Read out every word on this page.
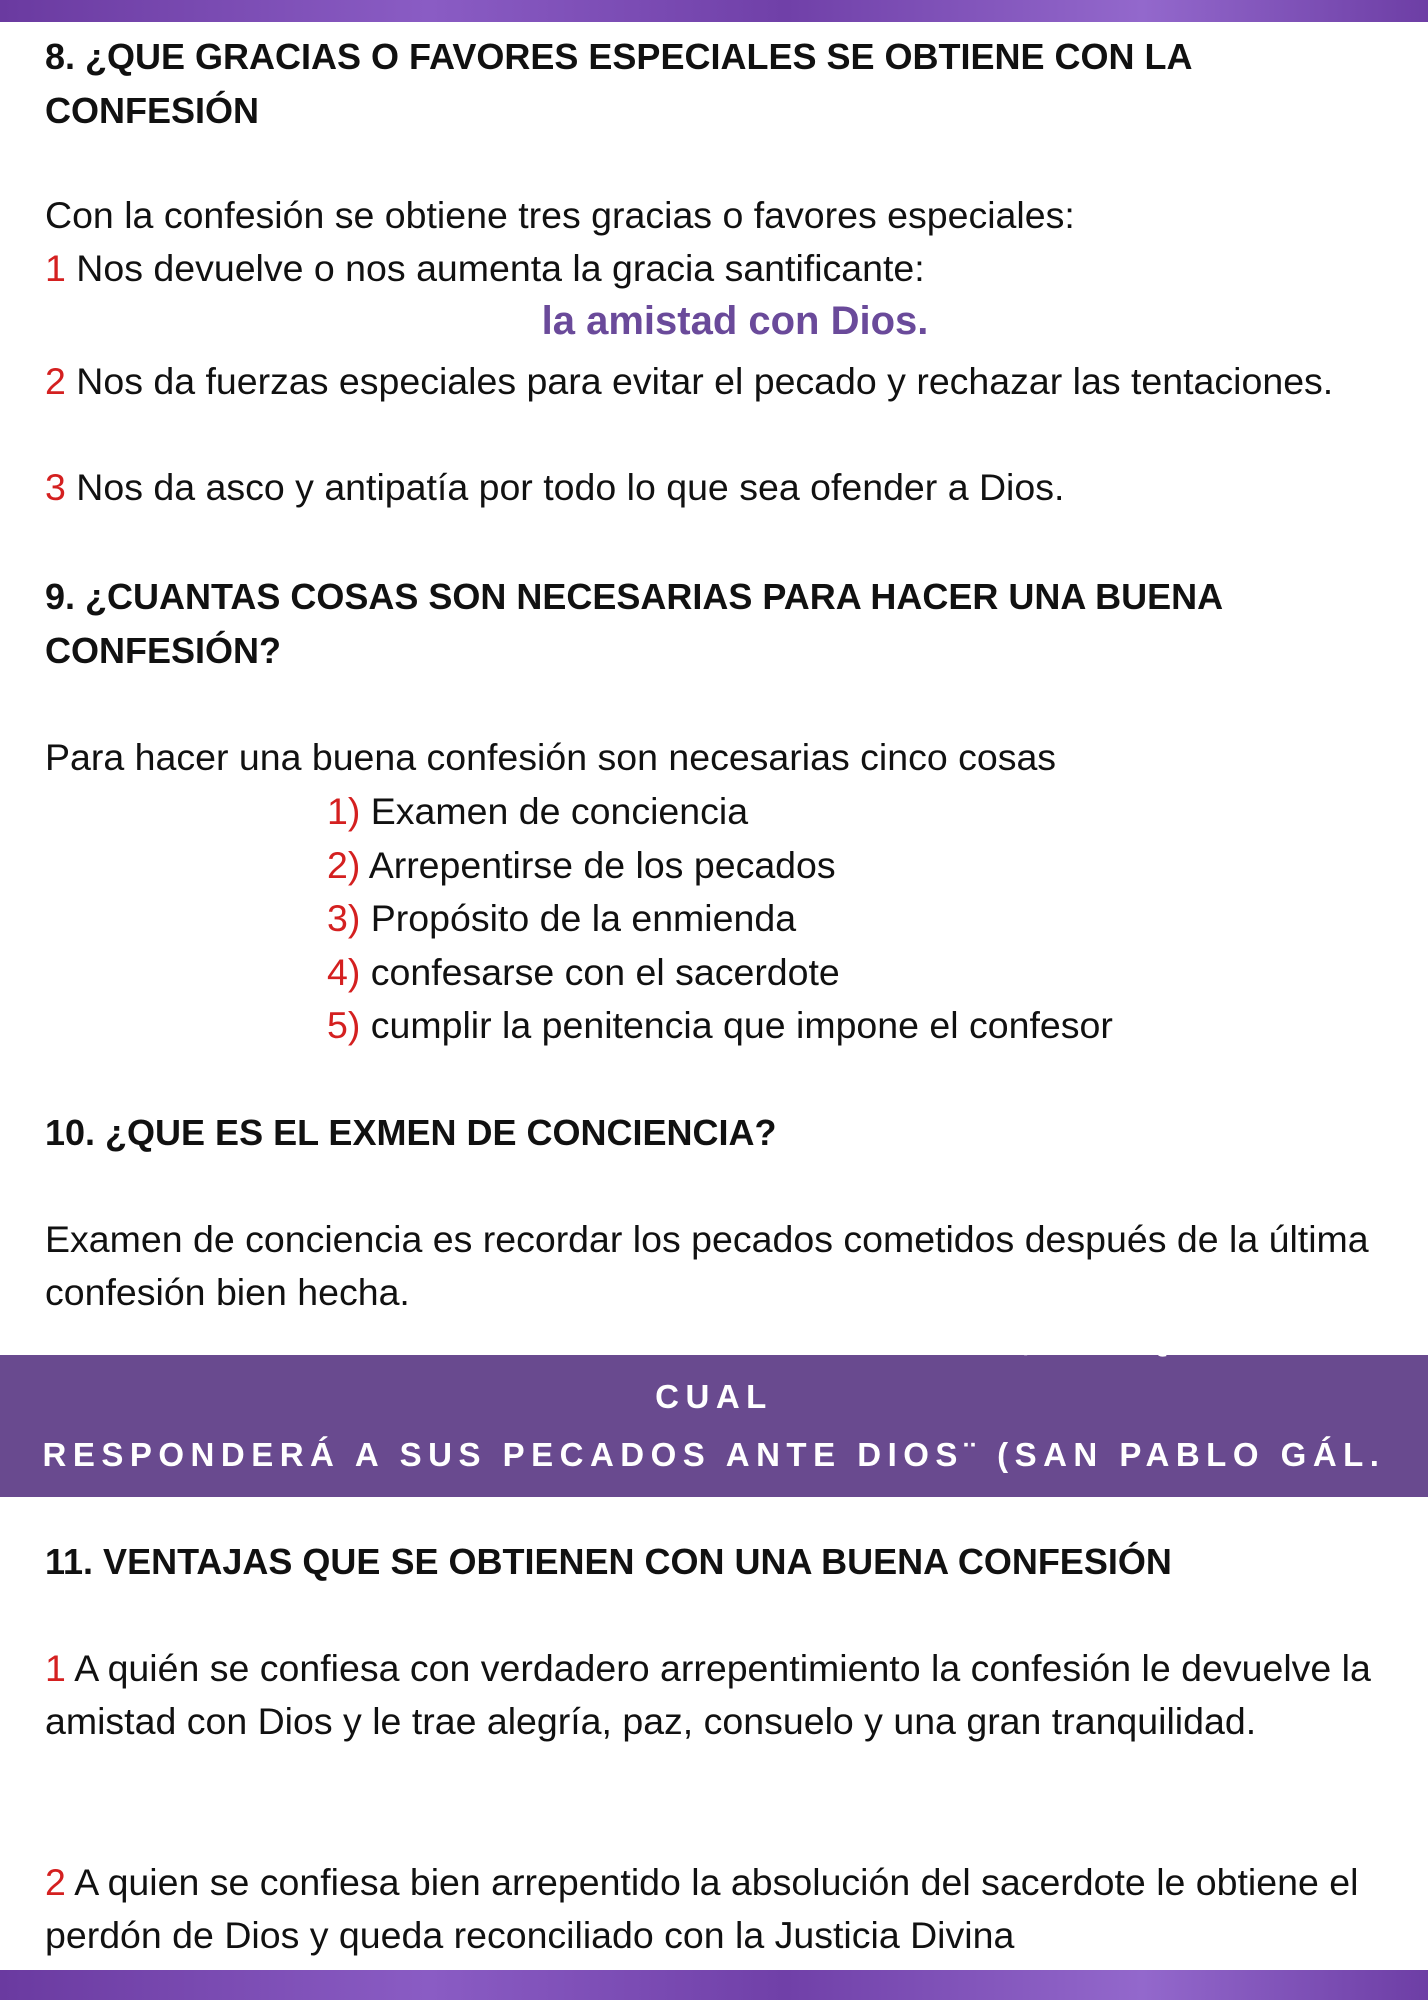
8. ¿QUE GRACIAS O FAVORES ESPECIALES SE OBTIENE CON LA CONFESIÓN

Con la confesión se obtiene tres gracias o favores especiales:

1 Nos devuelve o nos aumenta la gracia santificante:

la amistad con Dios.

2 Nos da fuerzas especiales para evitar el pecado y rechazar las tentaciones.

3 Nos da asco y antipatía por todo lo que sea ofender a Dios.

9. ¿CUANTAS COSAS SON NECESARIAS PARA HACER UNA BUENA CONFESIÓN?

Para hacer una buena confesión son necesarias cinco cosas

1) Examen de conciencia
2) Arrepentirse de los pecados
3) Propósito de la enmienda
4) confesarse con el sacerdote
5) cumplir la penitencia que impone el confesor
10. ¿QUE ES EL EXMEN DE CONCIENCIA?

Examen de conciencia es recordar los pecados cometidos después de la última confesión bien hecha.

¨CADA UNO EXAMINE SU PROPIA CONDUCTA, PORQUE CADA CUAL
RESPONDERÁ A SUS PECADOS ANTE DIOS¨ (SAN PABLO GÁL. 6,4)

11. VENTAJAS QUE SE OBTIENEN CON UNA BUENA CONFESIÓN

1 A quién se confiesa con verdadero arrepentimiento la confesión le devuelve la amistad con Dios y le trae alegría, paz, consuelo y una gran tranquilidad.

2 A quien se confiesa bien arrepentido la absolución del sacerdote le obtiene el perdón de Dios y queda reconciliado con la Justicia Divina
